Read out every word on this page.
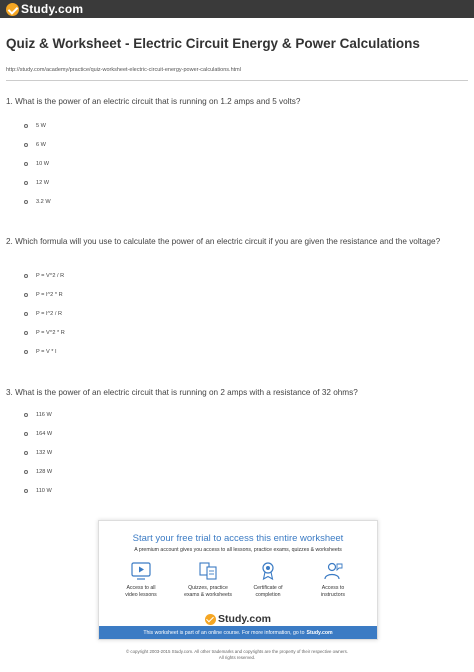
Study.com
Quiz & Worksheet - Electric Circuit Energy & Power Calculations
http://study.com/academy/practice/quiz-worksheet-electric-circuit-energy-power-calculations.html
1. What is the power of an electric circuit that is running on 1.2 amps and 5 volts?
5 W
6 W
10 W
12 W
3.2 W
2. Which formula will you use to calculate the power of an electric circuit if you are given the resistance and the voltage?
P = V^2 / R
P = I^2 * R
P = I^2 / R
P = V^2 * R
P = V * I
3. What is the power of an electric circuit that is running on 2 amps with a resistance of 32 ohms?
116 W
164 W
132 W
128 W
110 W
Start your free trial to access this entire worksheet
A premium account gives you access to all lessons, practice exams, quizzes & worksheets
Access to all
video lessons
Quizzes, practice
exams & worksheets
Certificate of
completion
Access to
instructors
Study.com
This worksheet is part of an online course. For more information, go to Study.com
© copyright 2003-2015 Study.com. All other trademarks and copyrights are the property of their respective owners.
All rights reserved.
